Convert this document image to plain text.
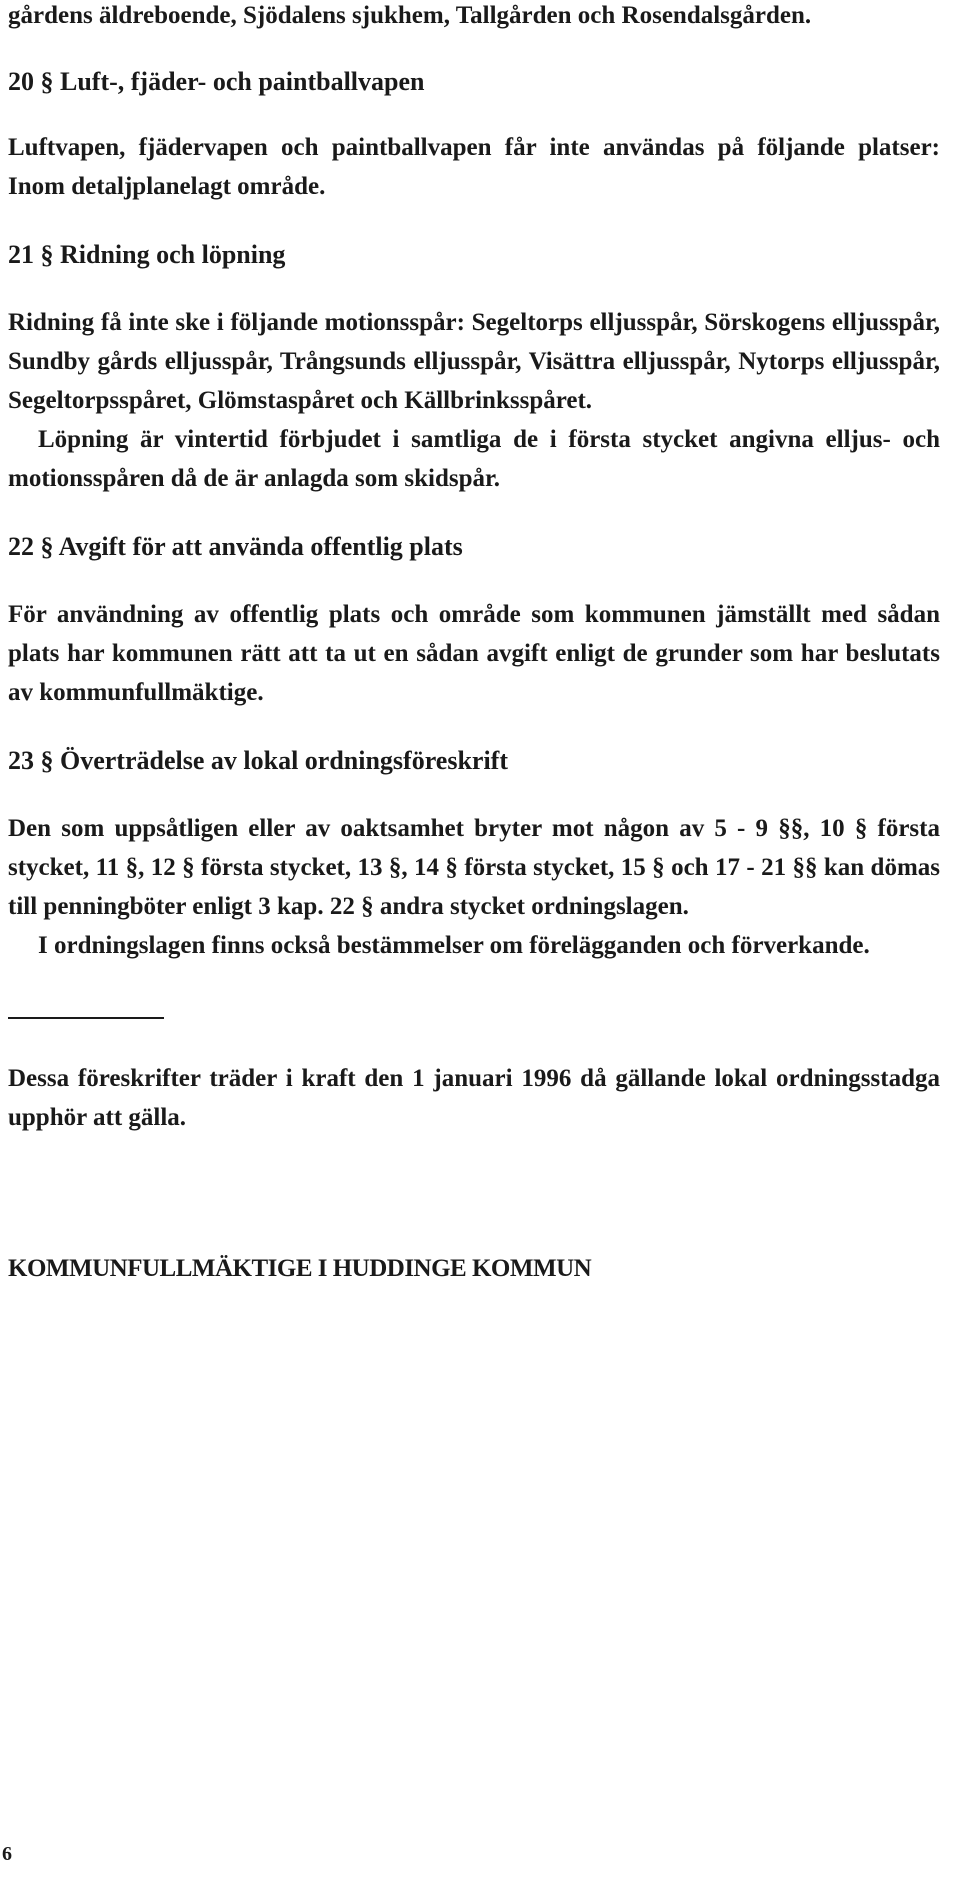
gårdens äldreboende, Sjödalens sjukhem, Tallgården och Rosendalsgården.

20 § Luft-, fjäder- och paintballvapen

Luftvapen, fjädervapen och paintballvapen får inte användas på följande platser: Inom detaljplanelagt område.

21 § Ridning och löpning

Ridning få inte ske i följande motionsspår: Segeltorps elljusspår, Sörskogens elljusspår, Sundby gårds elljusspår, Trångsunds elljusspår, Visättra elljusspår, Nytorps elljusspår, Segeltorpsspåret, Glömstaspåret och Källbrinksspåret.

Löpning är vintertid förbjudet i samtliga de i första stycket angivna elljus- och motionsspåren då de är anlagda som skidspår.

22 § Avgift för att använda offentlig plats

För användning av offentlig plats och område som kommunen jämställt med sådan plats har kommunen rätt att ta ut en sådan avgift enligt de grunder som har beslutats av kommunfullmäktige.

23 § Överträdelse av lokal ordningsföreskrift

Den som uppsåtligen eller av oaktsamhet bryter mot någon av 5 - 9 §§, 10 § första stycket, 11 §, 12 § första stycket, 13 §, 14 § första stycket, 15 § och 17 - 21 §§ kan dömas till penningböter enligt 3 kap. 22 § andra stycket ordningslagen.

I ordningslagen finns också bestämmelser om förelägganden och förverkande.

Dessa föreskrifter träder i kraft den 1 januari 1996 då gällande lokal ordningsstadga upphör att gälla.

KOMMUNFULLMÄKTIGE I HUDDINGE KOMMUN
6
